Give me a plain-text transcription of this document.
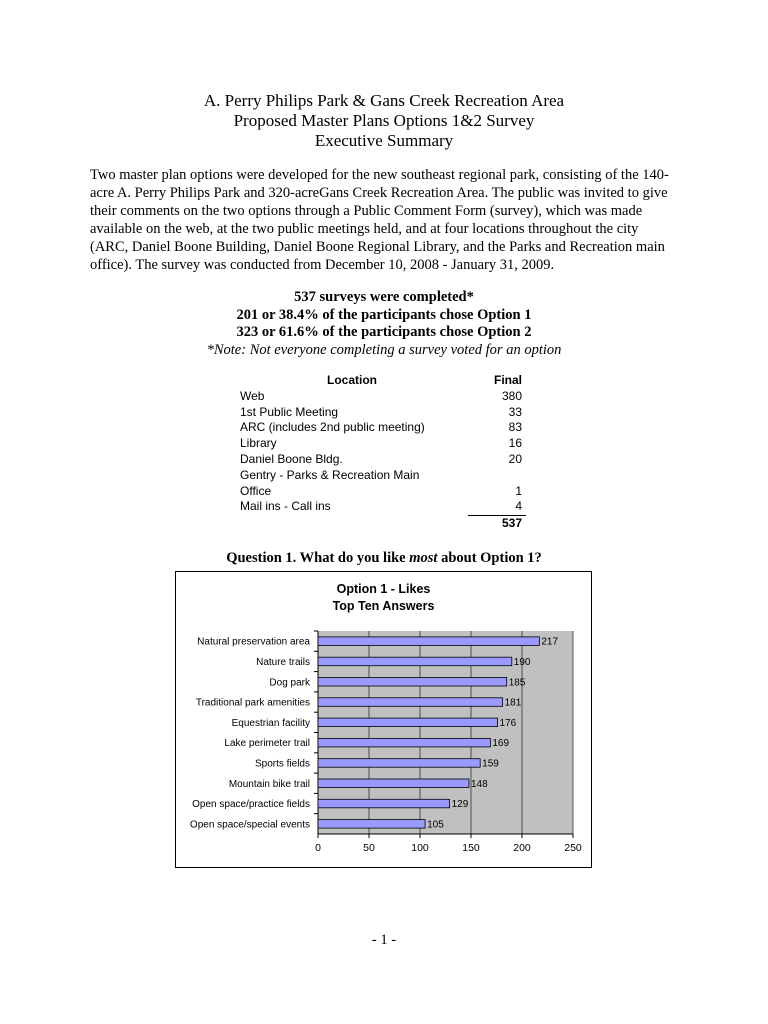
A. Perry Philips Park & Gans Creek Recreation Area
Proposed Master Plans Options 1&2 Survey
Executive Summary

Two master plan options were developed for the new southeast regional park, consisting of the 140-acre A. Perry Philips Park and 320-acreGans Creek Recreation Area. The public was invited to give their comments on the two options through a Public Comment Form (survey), which was made available on the web, at the two public meetings held, and at four locations throughout the city (ARC, Daniel Boone Building, Daniel Boone Regional Library, and the Parks and Recreation main office). The survey was conducted from December 10, 2008 - January 31, 2009.

537 surveys were completed*
201 or 38.4% of the participants chose Option 1
323 or 61.6% of the participants chose Option 2
*Note: Not everyone completing a survey voted for an option
Location	Final
Web	380
1st Public Meeting	33
ARC (includes 2nd public meeting)	83
Library	16
Daniel Boone Bldg.	20
Gentry - Parks & Recreation Main	
Office	1
Mail ins - Call ins	4
	537
Question 1. What do you like most about Option 1?
Option 1 - Likes
Top Ten Answers
0	50	100	150	200	250
Natural preservation area	217
Nature trails	190
Dog park	185
Traditional park amenities	181
Equestrian facility	176
Lake perimeter trail	169
Sports fields	159
Mountain bike trail	148
Open space/practice fields	129
Open space/special events	105
- 1 -
